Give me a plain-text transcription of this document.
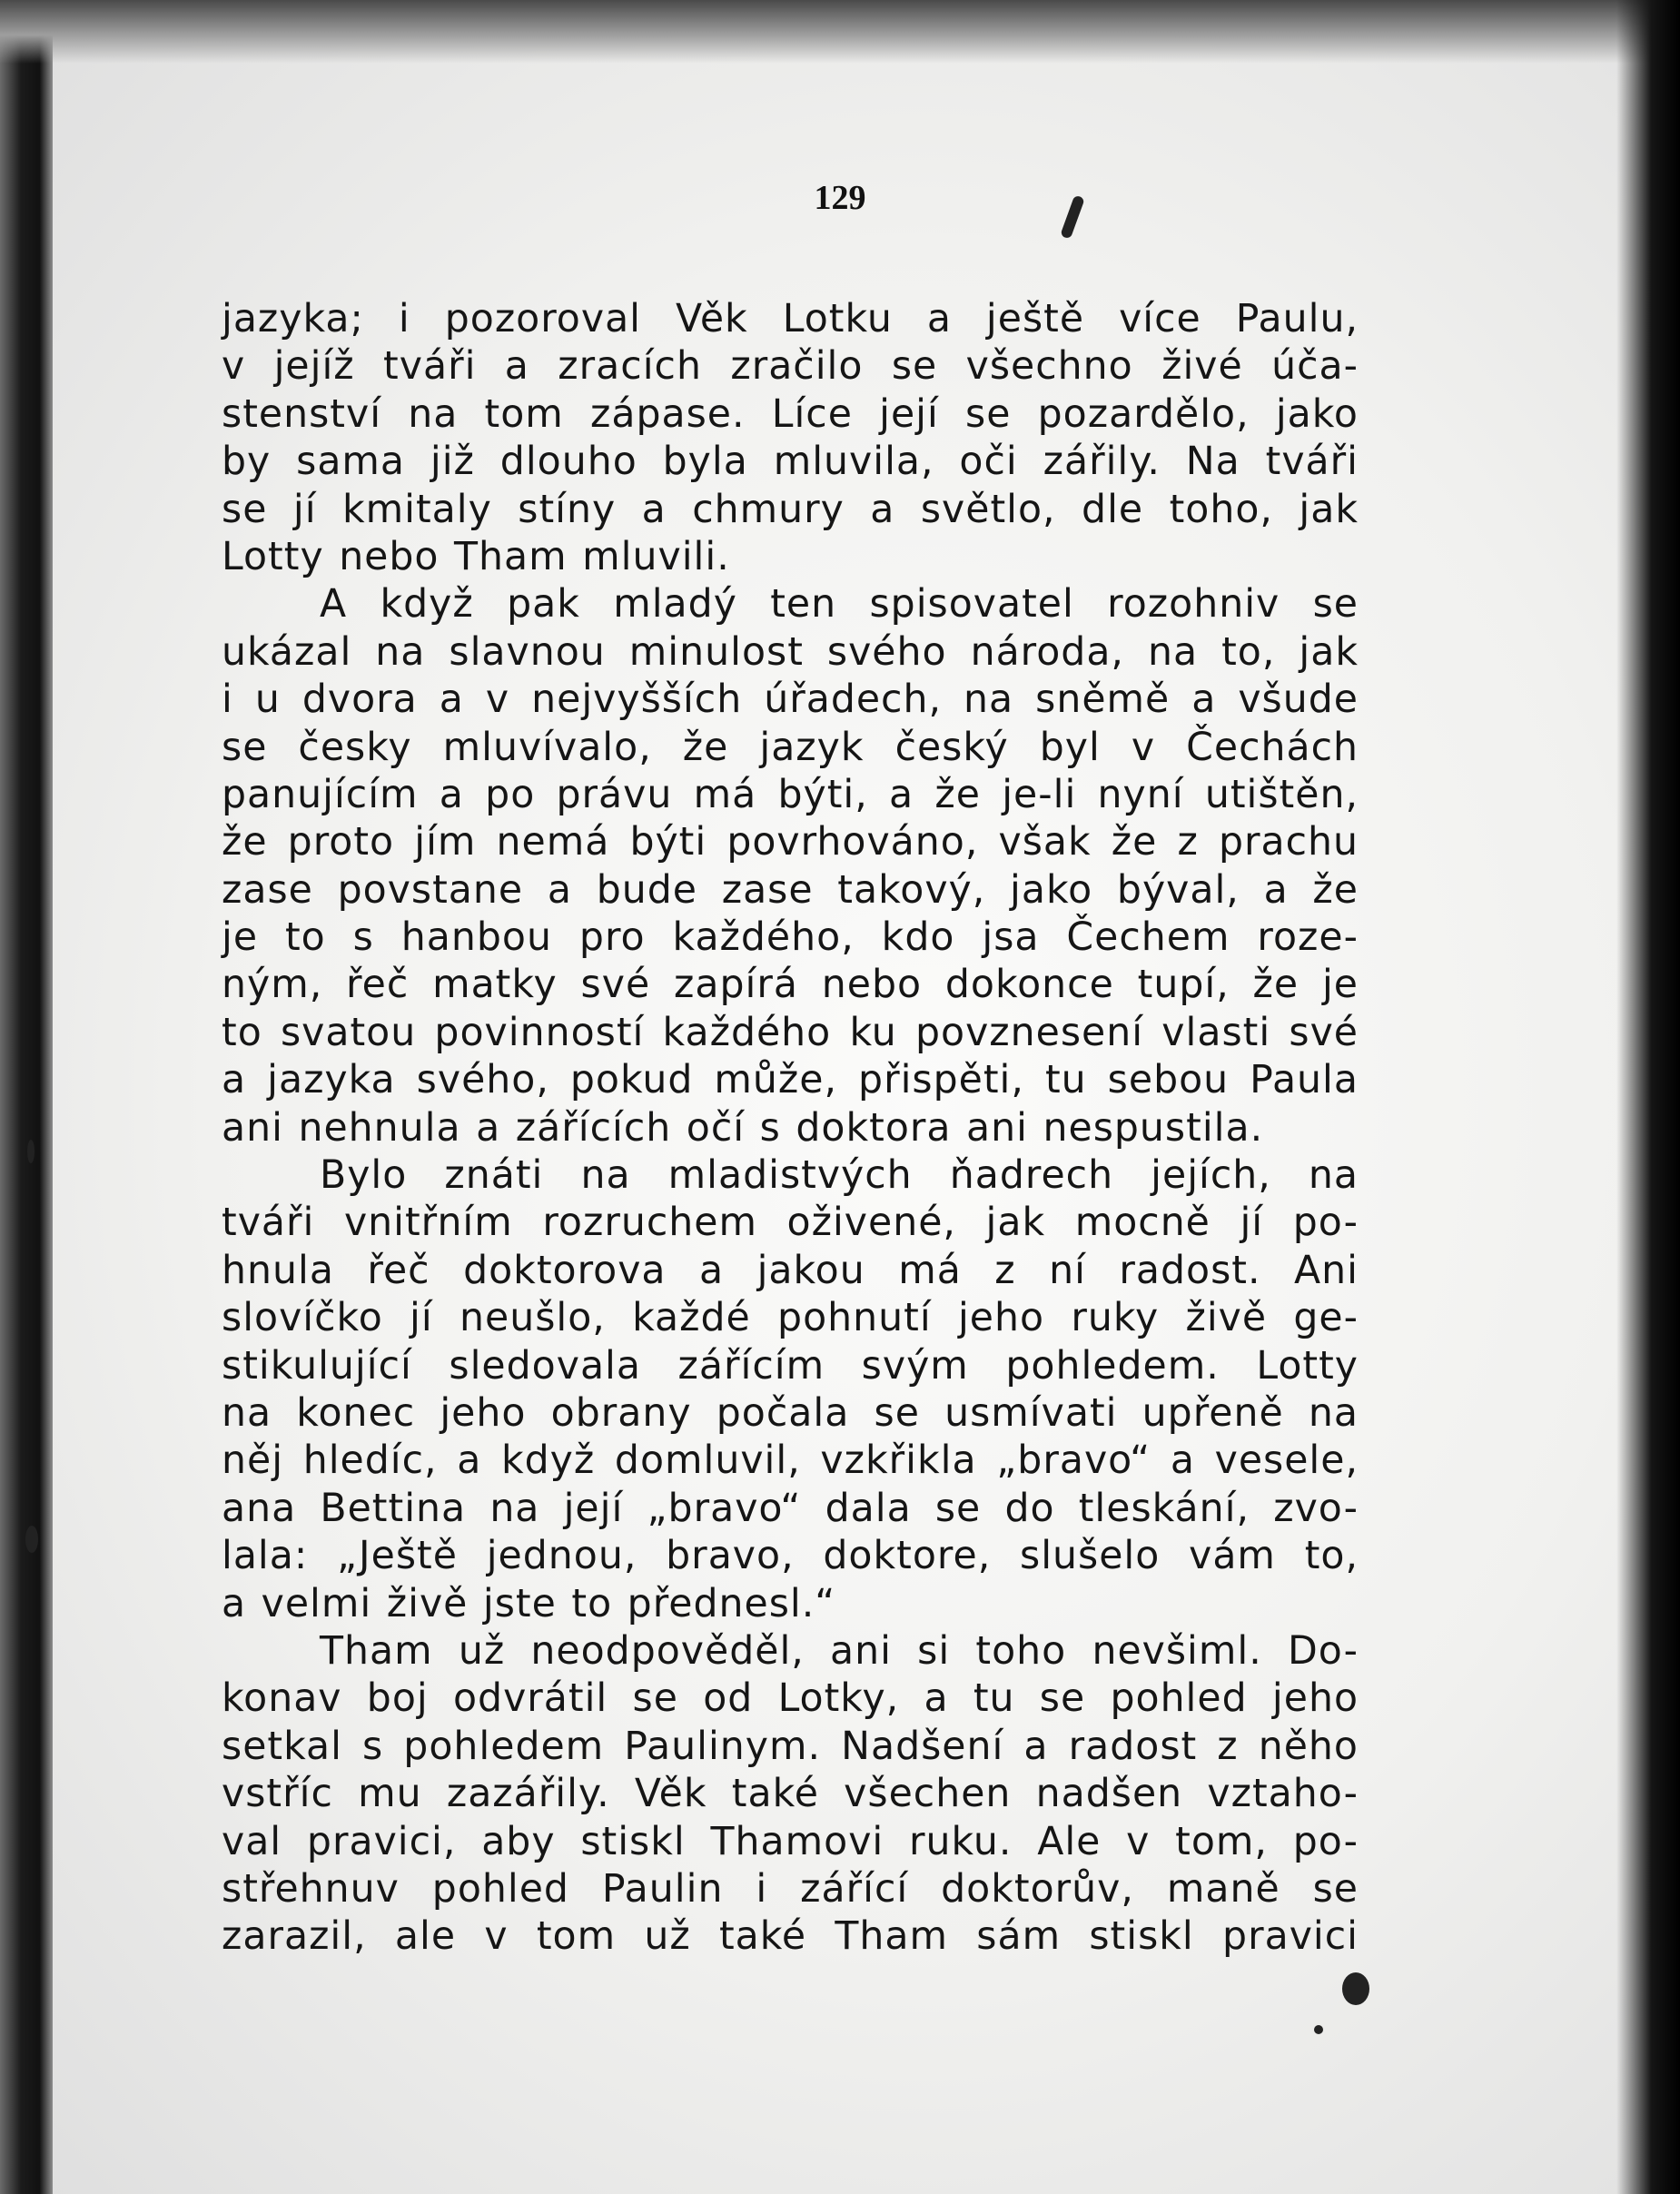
129
jazyka; i pozoroval Věk Lotku a ještě více Paulu,
v jejíž tváři a zracích zračilo se všechno živé úča-
stenství na tom zápase. Líce její se pozardělo, jako
by sama již dlouho byla mluvila, oči zářily. Na tváři
se jí kmitaly stíny a chmury a světlo, dle toho, jak
Lotty nebo Tham mluvili.
A když pak mladý ten spisovatel rozohniv se
ukázal na slavnou minulost svého národa, na to, jak
i u dvora a v nejvyšších úřadech, na sněmě a všude
se česky mluvívalo, že jazyk český byl v Čechách
panujícím a po právu má býti, a že je-li nyní utištěn,
že proto jím nemá býti povrhováno, však že z prachu
zase povstane a bude zase takový, jako býval, a že
je to s hanbou pro každého, kdo jsa Čechem roze-
ným, řeč matky své zapírá nebo dokonce tupí, že je
to svatou povinností každého ku povznesení vlasti své
a jazyka svého, pokud může, přispěti, tu sebou Paula
ani nehnula a zářících očí s doktora ani nespustila.
Bylo znáti na mladistvých ňadrech jejích, na
tváři vnitřním rozruchem oživené, jak mocně jí po-
hnula řeč doktorova a jakou má z ní radost. Ani
slovíčko jí neušlo, každé pohnutí jeho ruky živě ge-
stikulující sledovala zářícím svým pohledem. Lotty
na konec jeho obrany počala se usmívati upřeně na
něj hledíc, a když domluvil, vzkřikla „bravo“ a vesele,
ana Bettina na její „bravo“ dala se do tleskání, zvo-
lala: „Ještě jednou, bravo, doktore, slušelo vám to,
a velmi živě jste to přednesl.“
Tham už neodpověděl, ani si toho nevšiml. Do-
konav boj odvrátil se od Lotky, a tu se pohled jeho
setkal s pohledem Paulinym. Nadšení a radost z něho
vstříc mu zazářily. Věk také všechen nadšen vztaho-
val pravici, aby stiskl Thamovi ruku. Ale v tom, po-
střehnuv pohled Paulin i zářící doktorův, maně se
zarazil, ale v tom už také Tham sám stiskl pravici
